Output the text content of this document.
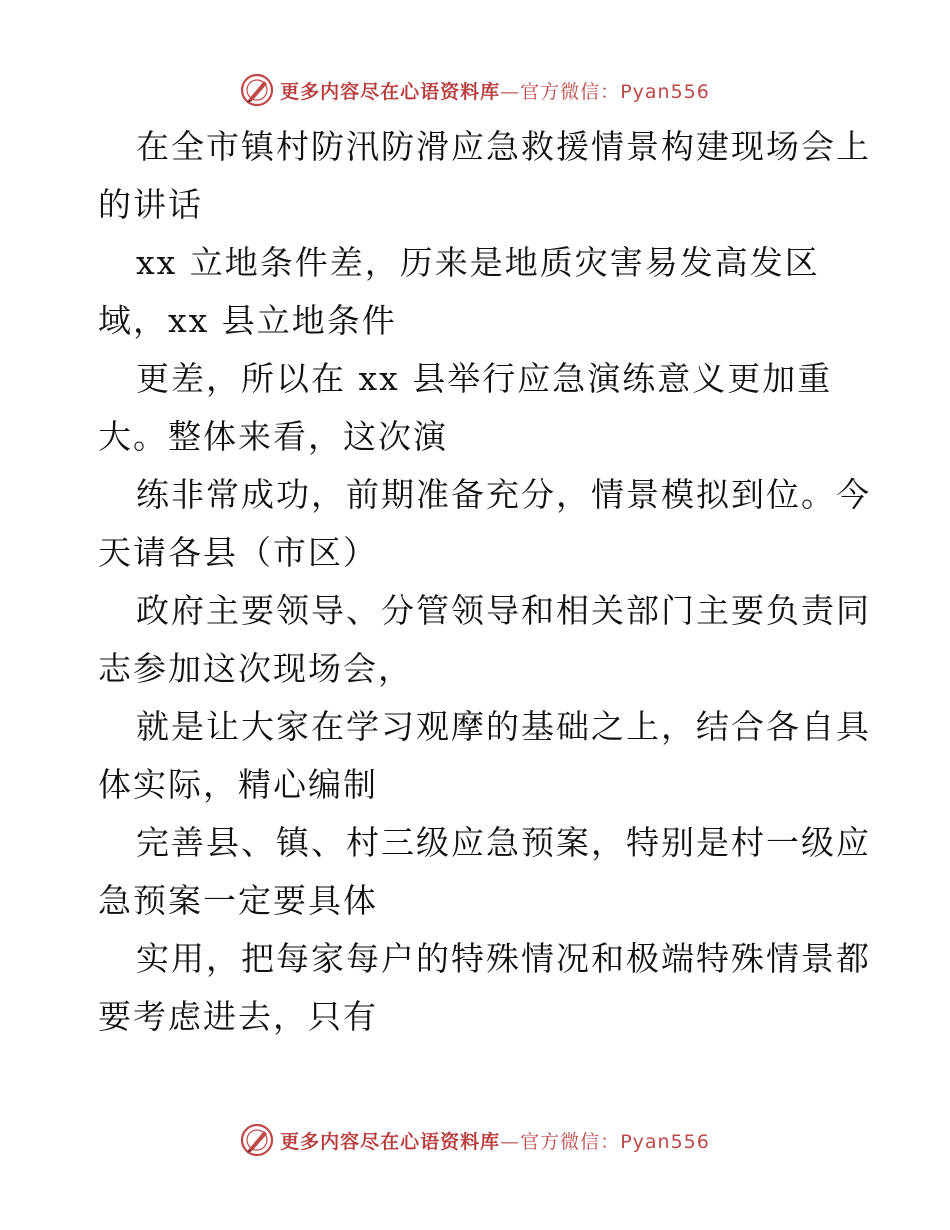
更多内容尽在心语资料库—官方微信：Pyan556

在全市镇村防汛防滑应急救援情景构建现场会上
的讲话

xx 立地条件差，历来是地质灾害易发高发区
域，xx 县立地条件

更差，所以在 xx 县举行应急演练意义更加重
大。整体来看，这次演

练非常成功，前期准备充分，情景模拟到位。今
天请各县（市区）

政府主要领导、分管领导和相关部门主要负责同
志参加这次现场会，

就是让大家在学习观摩的基础之上，结合各自具
体实际，精心编制

完善县、镇、村三级应急预案，特别是村一级应
急预案一定要具体

实用，把每家每户的特殊情况和极端特殊情景都
要考虑进去，只有

更多内容尽在心语资料库—官方微信：Pyan556
